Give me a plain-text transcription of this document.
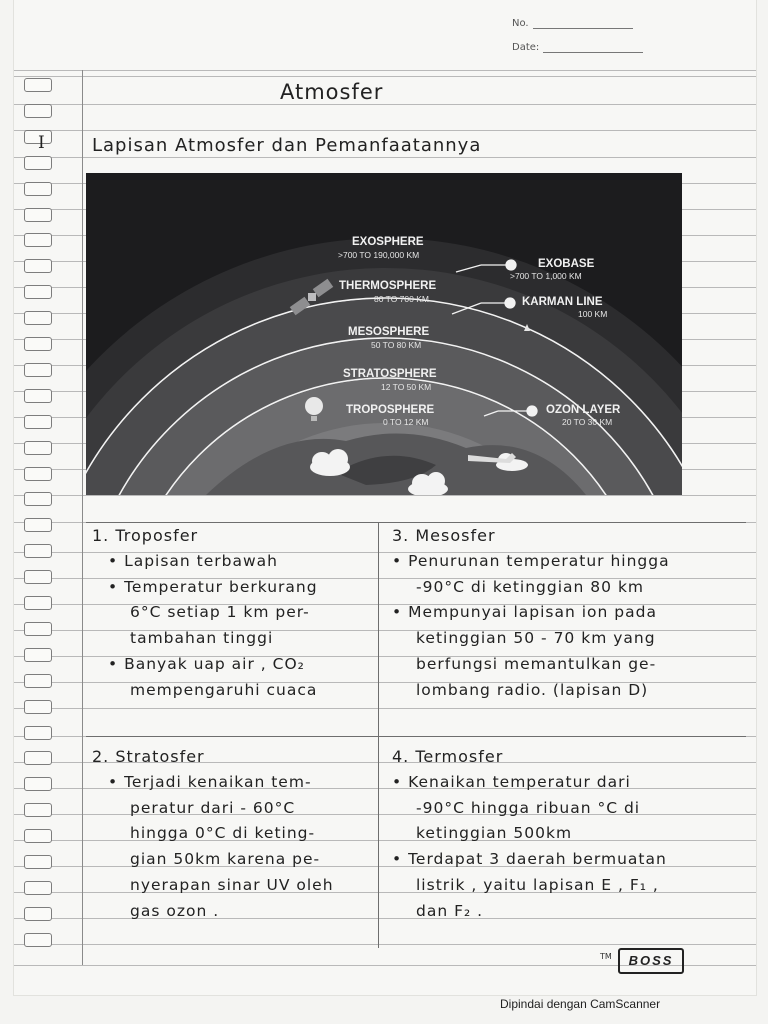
No.
Date:
Atmosfer
I	Lapisan Atmosfer dan Pemanfaatannya
EXOSPHERE
>700 TO 190,000 KM
THERMOSPHERE
80 TO 700 KM
MESOSPHERE
50 TO 80 KM
STRATOSPHERE
12 TO 50 KM
TROPOSPHERE
0 TO 12 KM
EXOBASE
>700 TO 1,000 KM
KARMAN LINE
100 KM
OZON LAYER
20 TO 30 KM
1. Troposfer
• Lapisan terbawah
• Temperatur berkurang
6°C setiap 1 km per-
tambahan tinggi
• Banyak uap air , CO₂
mempengaruhi cuaca
3. Mesosfer
• Penurunan temperatur hingga
-90°C di ketinggian 80 km
• Mempunyai lapisan ion pada
ketinggian 50 - 70 km yang
berfungsi memantulkan ge-
lombang radio. (lapisan D)
2. Stratosfer
• Terjadi kenaikan tem-
peratur dari - 60°C
hingga 0°C di keting-
gian 50km karena pe-
nyerapan sinar UV oleh
gas ozon .
4. Termosfer
• Kenaikan temperatur dari
-90°C hingga ribuan °C di
ketinggian 500km
• Terdapat 3 daerah bermuatan
listrik , yaitu lapisan E , F₁ ,
dan F₂ .
TM	BOSS
Dipindai dengan CamScanner
